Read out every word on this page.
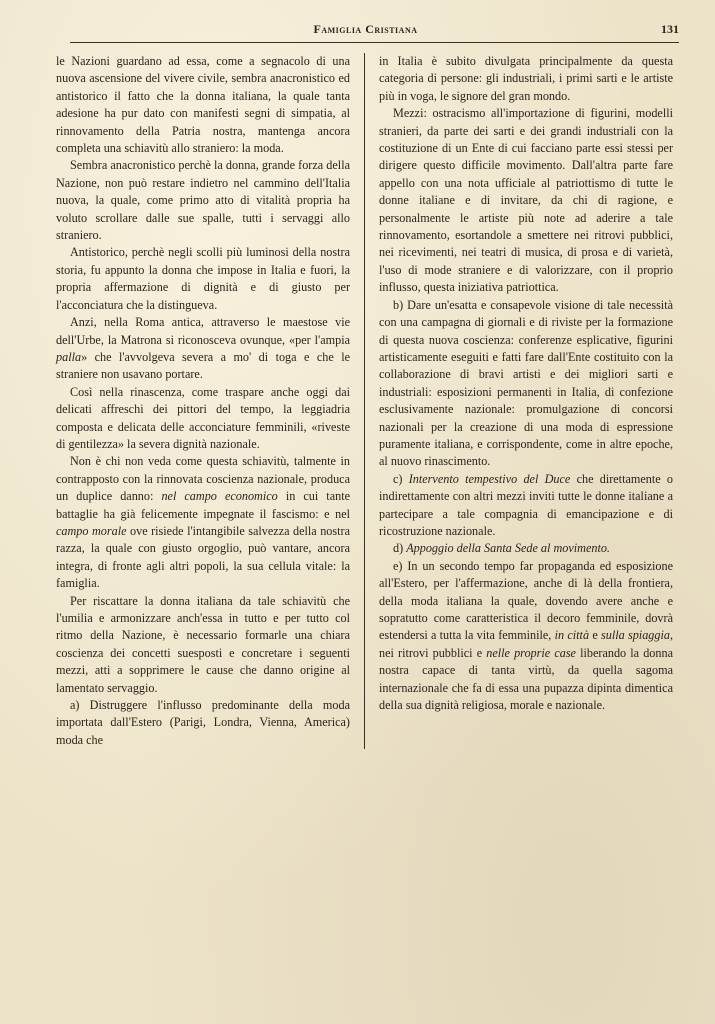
Famiglia Cristiana	131

le Nazioni guardano ad essa, come a segnacolo di una nuova ascensione del vivere civile, sembra anacronistico ed antistorico il fatto che la donna italiana, la quale tanta adesione ha pur dato con manifesti segni di simpatia, al rinnovamento della Patria nostra, mantenga ancora completa una schiavitù allo straniero: la moda.

Sembra anacronistico perchè la donna, grande forza della Nazione, non può restare indietro nel cammino dell'Italia nuova, la quale, come primo atto di vitalità propria ha voluto scrollare dalle sue spalle, tutti i servaggi allo straniero.

Antistorico, perchè negli scolli più luminosi della nostra storia, fu appunto la donna che impose in Italia e fuori, la propria affermazione di dignità e di giusto per l'acconciatura che la distingueva.

Anzi, nella Roma antica, attraverso le maestose vie dell'Urbe, la Matrona si riconosceva ovunque, «per l'ampia palla» che l'avvolgeva severa a mo' di toga e che le straniere non usavano portare.

Così nella rinascenza, come traspare anche oggi dai delicati affreschi dei pittori del tempo, la leggiadria composta e delicata delle acconciature femminili, «riveste di gentilezza» la severa dignità nazionale.

Non è chi non veda come questa schiavitù, talmente in contrapposto con la rinnovata coscienza nazionale, produca un duplice danno: nel campo economico in cui tante battaglie ha già felicemente impegnate il fascismo: e nel campo morale ove risiede l'intangibile salvezza della nostra razza, la quale con giusto orgoglio, può vantare, ancora integra, di fronte agli altri popoli, la sua cellula vitale: la famiglia.

Per riscattare la donna italiana da tale schiavitù che l'umilia e armonizzare anch'essa in tutto e per tutto col ritmo della Nazione, è necessario formarle una chiara coscienza dei concetti suesposti e concretare i seguenti mezzi, atti a sopprimere le cause che danno origine al lamentato servaggio.

a) Distruggere l'influsso predominante della moda importata dall'Estero (Parigi, Londra, Vienna, America) moda che

in Italia è subito divulgata principalmente da questa categoria di persone: gli industriali, i primi sarti e le artiste più in voga, le signore del gran mondo.

Mezzi: ostracismo all'importazione di figurini, modelli stranieri, da parte dei sarti e dei grandi industriali con la costituzione di un Ente di cui facciano parte essi stessi per dirigere questo difficile movimento. Dall'altra parte fare appello con una nota ufficiale al patriottismo di tutte le donne italiane e di invitare, da chi di ragione, e personalmente le artiste più note ad aderire a tale rinnovamento, esortandole a smettere nei ritrovi pubblici, nei ricevimenti, nei teatri di musica, di prosa e di varietà, l'uso di mode straniere e di valorizzare, con il proprio influsso, questa iniziativa patriottica.

b) Dare un'esatta e consapevole visione di tale necessità con una campagna di giornali e di riviste per la formazione di questa nuova coscienza: conferenze esplicative, figurini artisticamente eseguiti e fatti fare dall'Ente costituito con la collaborazione di bravi artisti e dei migliori sarti e industriali: esposizioni permanenti in Italia, di confezione esclusivamente nazionale: promulgazione di concorsi nazionali per la creazione di una moda di espressione puramente italiana, e corrispondente, come in altre epoche, al nuovo rinascimento.

c) Intervento tempestivo del Duce che direttamente o indirettamente con altri mezzi inviti tutte le donne italiane a partecipare a tale compagnia di emancipazione e di ricostruzione nazionale.

d) Appoggio della Santa Sede al movimento.

e) In un secondo tempo far propaganda ed esposizione all'Estero, per l'affermazione, anche di là della frontiera, della moda italiana la quale, dovendo avere anche e sopratutto come caratteristica il decoro femminile, dovrà estendersi a tutta la vita femminile, in città e sulla spiaggia, nei ritrovi pubblici e nelle proprie case liberando la donna nostra capace di tanta virtù, da quella sagoma internazionale che fa di essa una pupazza dipinta dimentica della sua dignità religiosa, morale e nazionale.
